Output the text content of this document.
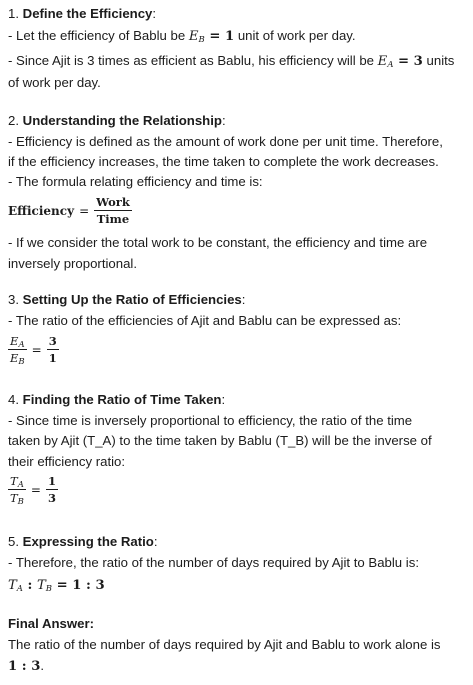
1. Define the Efficiency:
- Let the efficiency of Bablu be $E_B = 1$ unit of work per day.
- Since Ajit is 3 times as efficient as Bablu, his efficiency will be $E_A = 3$ units
of work per day.
2. Understanding the Relationship:
- Efficiency is defined as the amount of work done per unit time. Therefore,
if the efficiency increases, the time taken to complete the work decreases.
- The formula relating efficiency and time is:
Efficiency = $\frac{\text{Work}}{\text{Time}}$
- If we consider the total work to be constant, the efficiency and time are
inversely proportional.
3. Setting Up the Ratio of Efficiencies:
- The ratio of the efficiencies of Ajit and Bablu can be expressed as:
$\frac{E_A}{E_B} = \frac{3}{1}$
4. Finding the Ratio of Time Taken:
- Since time is inversely proportional to efficiency, the ratio of the time
taken by Ajit (T_A) to the time taken by Bablu (T_B) will be the inverse of
their efficiency ratio:
$\frac{T_A}{T_B} = \frac{1}{3}$
5. Expressing the Ratio:
- Therefore, the ratio of the number of days required by Ajit to Bablu is:
$T_A$ : $T_B = 1$ : 3
Final Answer:
The ratio of the number of days required by Ajit and Bablu to work alone is
1 : 3.
